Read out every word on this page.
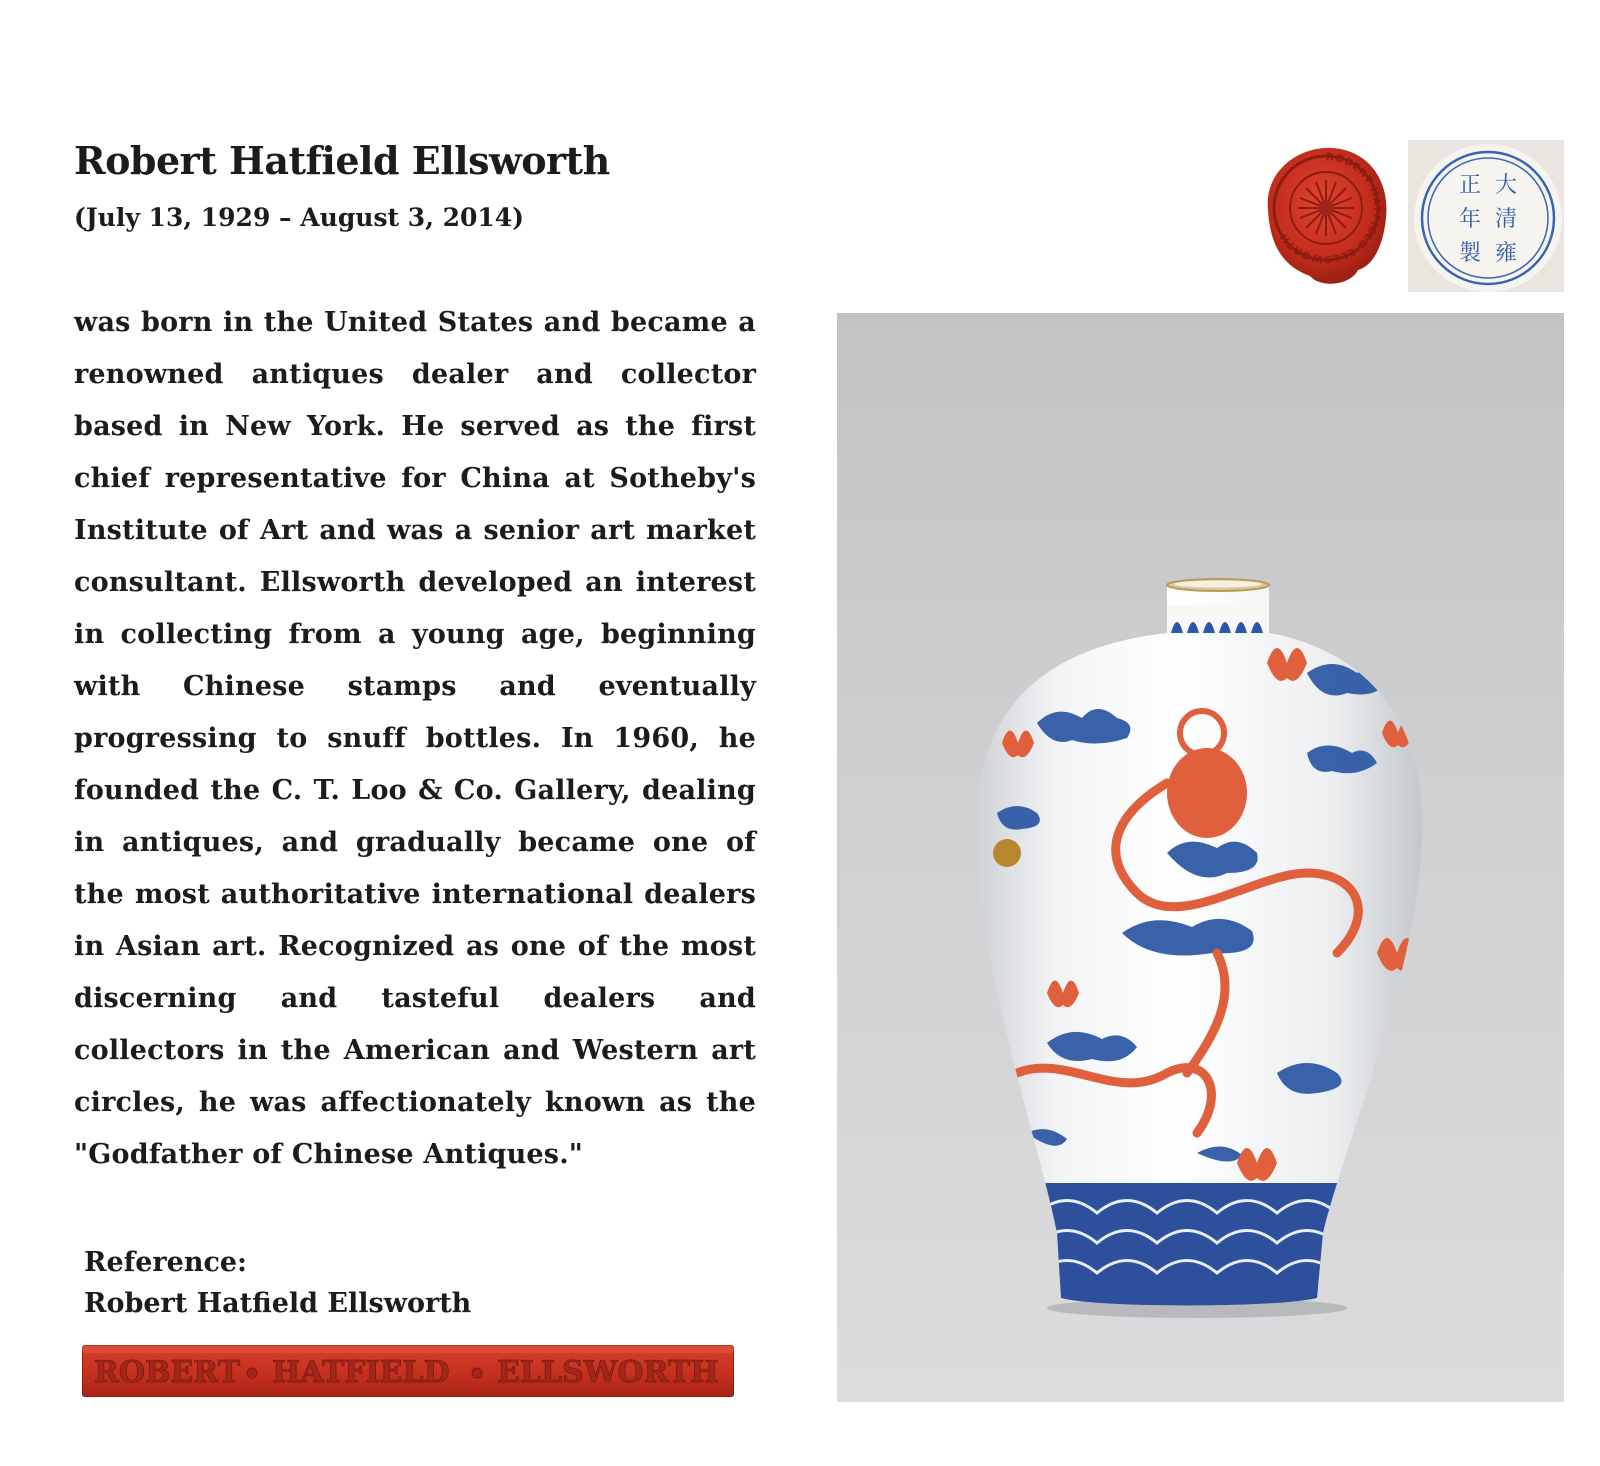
Robert Hatfield Ellsworth

(July 13, 1929 – August 3, 2014)

was born in the United States and became a renowned antiques dealer and collector based in New York. He served as the first chief representative for China at Sotheby's Institute of Art and was a senior art market consultant. Ellsworth developed an interest in collecting from a young age, beginning with Chinese stamps and eventually progressing to snuff bottles. In 1960, he founded the C. T. Loo & Co. Gallery, dealing in antiques, and gradually became one of the most authoritative international dealers in Asian art. Recognized as one of the most discerning and tasteful dealers and collectors in the American and Western art circles, he was affectionately known as the "Godfather of Chinese Antiques."

Reference:
Robert Hatfield Ellsworth
ROBERT HATFIELD ELLSWORTH
ROBERT HATFIELD ELLSWORTH
大
清
雍
正
年
製
